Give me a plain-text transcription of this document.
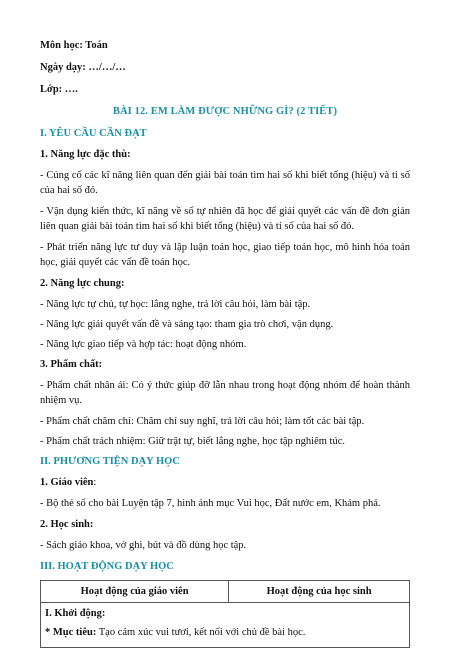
Môn học: Toán

Ngày dạy: …/…/…

Lớp: ….

BÀI 12. EM LÀM ĐƯỢC NHỮNG GÌ? (2 TIẾT)

I. YÊU CẦU CẦN ĐẠT

1. Năng lực đặc thù:

- Củng cố các kĩ năng liên quan đến giải bài toán tìm hai số khi biết tổng (hiệu) và tỉ số của hai số đó.

- Vận dụng kiến thức, kĩ năng về số tự nhiên đã học để giải quyết các vấn đề đơn giản liên quan giải bài toán tìm hai số khi biết tổng (hiệu) và tỉ số của hai số đó.

- Phát triển năng lực tư duy và lập luận toán học, giao tiếp toán học, mô hình hóa toán học, giải quyết các vấn đề toán học.

2. Năng lực chung:

- Năng lực tự chủ, tự học: lắng nghe, trả lời câu hỏi, làm bài tập.

- Năng lực giải quyết vấn đề và sáng tạo: tham gia trò chơi, vận dụng.

- Năng lực giao tiếp và hợp tác: hoạt động nhóm.

3. Phẩm chất:

- Phẩm chất nhân ái: Có ý thức giúp đỡ lẫn nhau trong hoạt động nhóm để hoàn thành nhiệm vụ.

- Phẩm chất chăm chỉ: Chăm chỉ suy nghĩ, trả lời câu hỏi; làm tốt các bài tập.

- Phẩm chất trách nhiệm: Giữ trật tự, biết lắng nghe, học tập nghiêm túc.

II. PHƯƠNG TIỆN DẠY HỌC

1. Giáo viên:

- Bộ thẻ số cho bài Luyện tập 7, hình ảnh mục Vui học, Đất nước em, Khám phá.

2. Học sinh:

- Sách giáo khoa, vở ghi, bút và đồ dùng học tập.

III. HOẠT ĐỘNG DẠY HỌC

Hoạt động của giáo viên	Hoạt động của học sinh

I. Khởi động:

* Mục tiêu: Tạo cảm xúc vui tươi, kết nối với chủ đề bài học.
